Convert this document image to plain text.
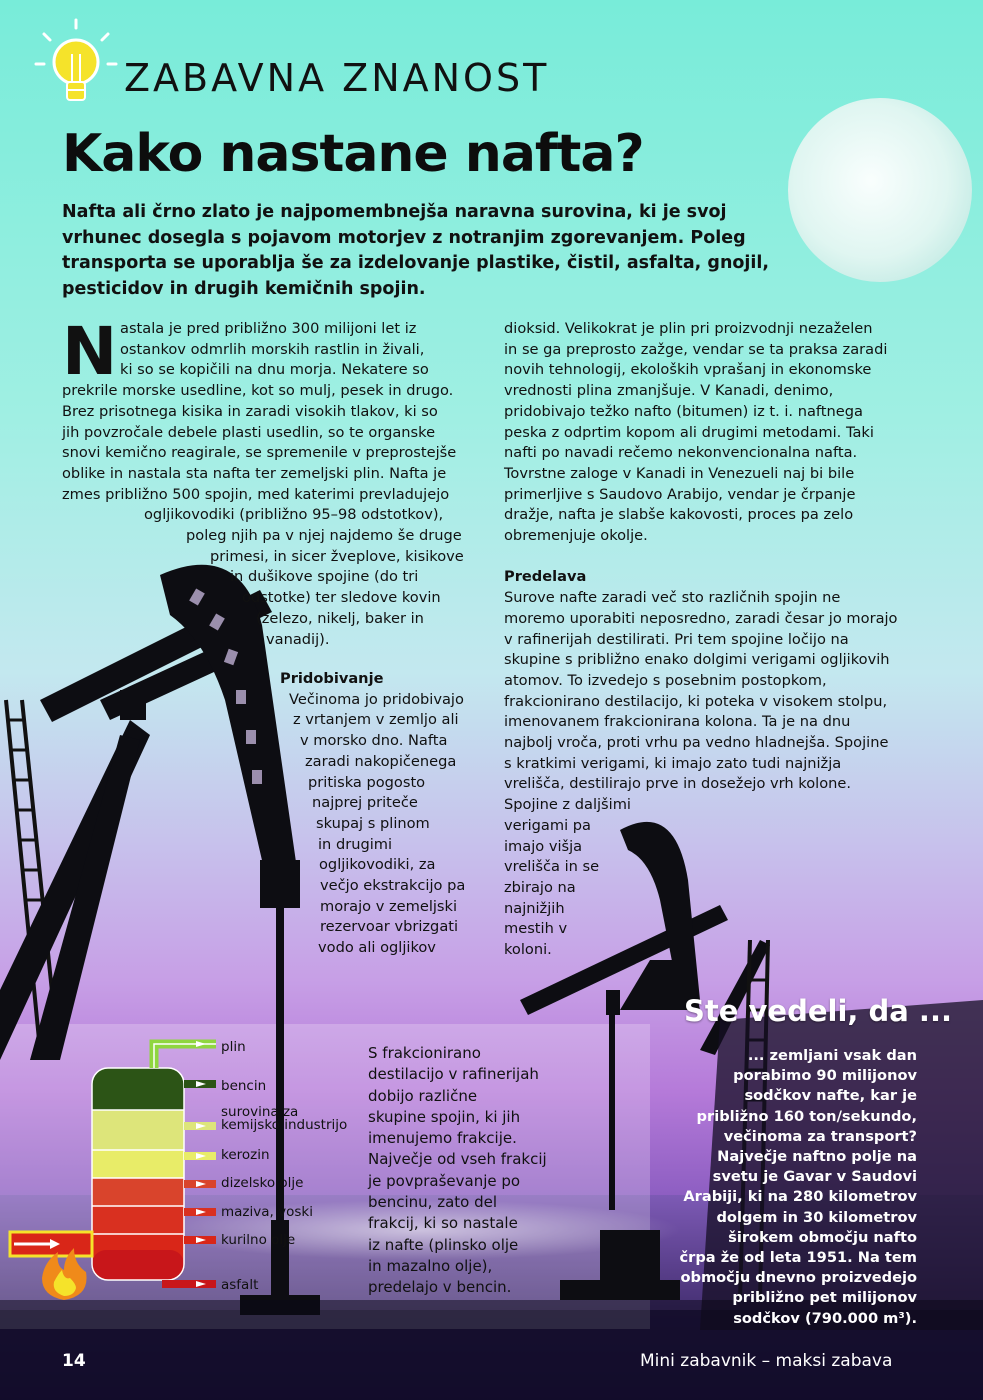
ZABAVNA ZNANOST
Kako nastane nafta?
Nafta ali črno zlato je najpomembnejša naravna surovina, ki je svoj
vrhunec dosegla s pojavom motorjev z notranjim zgorevanjem. Poleg
transporta se uporablja še za izdelovanje plastike, čistil, asfalta, gnojil,
pesticidov in drugih kemičnih spojin.
N astala je pred približno 300 milijoni let iz
ostankov odmrlih morskih rastlin in živali,
ki so se kopičili na dnu morja. Nekatere so
prekrile morske usedline, kot so mulj, pesek in drugo.
Brez prisotnega kisika in zaradi visokih tlakov, ki so
jih povzročale debele plasti usedlin, so te organske
snovi kemično reagirale, se spremenile v preprostejše
oblike in nastala sta nafta ter zemeljski plin. Nafta je
zmes približno 500 spojin, med katerimi prevladujejo
ogljikovodiki (približno 95–98 odstotkov),
poleg njih pa v njej najdemo še druge
primesi, in sicer žveplove, kisikove
in dušikove spojine (do tri
odstotke) ter sledove kovin
(železo, nikelj, baker in
vanadij).
Pridobivanje
Večinoma jo pridobivajo
z vrtanjem v zemljo ali
v morsko dno. Nafta
zaradi nakopičenega
pritiska pogosto
najprej priteče
skupaj s plinom
in drugimi
ogljikovodiki, za
večjo ekstrakcijo pa
morajo v zemeljski
rezervoar vbrizgati
vodo ali ogljikov
dioksid. Velikokrat je plin pri proizvodnji nezaželen
in se ga preprosto zažge, vendar se ta praksa zaradi
novih tehnologij, ekoloških vprašanj in ekonomske
vrednosti plina zmanjšuje. V Kanadi, denimo,
pridobivajo težko nafto (bitumen) iz t. i. naftnega
peska z odprtim kopom ali drugimi metodami. Taki
nafti po navadi rečemo nekonvencionalna nafta.
Tovrstne zaloge v Kanadi in Venezueli naj bi bile
primerljive s Saudovo Arabijo, vendar je črpanje
dražje, nafta je slabše kakovosti, proces pa zelo
obremenjuje okolje.

Predelava
Surove nafte zaradi več sto različnih spojin ne
moremo uporabiti neposredno, zaradi česar jo morajo
v rafinerijah destilirati. Pri tem spojine ločijo na
skupine s približno enako dolgimi verigami ogljikovih
atomov. To izvedejo s posebnim postopkom,
frakcionirano destilacijo, ki poteka v visokem stolpu,
imenovanem frakcionirana kolona. Ta je na dnu
najbolj vroča, proti vrhu pa vedno hladnejša. Spojine
s kratkimi verigami, ki imajo zato tudi najnižja
vrelišča, destilirajo prve in dosežejo vrh kolone.
Spojine z daljšimi
verigami pa
imajo višja
vrelišča in se
zbirajo na
najnižjih
mestih v
koloni.
plin
bencin
surovina za
kemijsko industrijo
kerozin
dizelsko olje
maziva, voski
kurilno olje
asfalt
S frakcionirano
destilacijo v rafinerijah
dobijo različne
skupine spojin, ki jih
imenujemo frakcije.
Največje od vseh frakcij
je povpraševanje po
bencinu, zato del
frakcij, ki so nastale
iz nafte (plinsko olje
in mazalno olje),
predelajo v bencin.
Ste vedeli, da ...
... zemljani vsak dan
porabimo 90 milijonov
sodčkov nafte, kar je
približno 160 ton/sekundo,
večinoma za transport?
Največje naftno polje na
svetu je Gavar v Saudovi
Arabiji, ki na 280 kilometrov
dolgem in 30 kilometrov
širokem območju nafto
črpa že od leta 1951. Na tem
območju dnevno proizvedejo
približno pet milijonov
sodčkov (790.000 m³).
14	Mini zabavnik – maksi zabava
